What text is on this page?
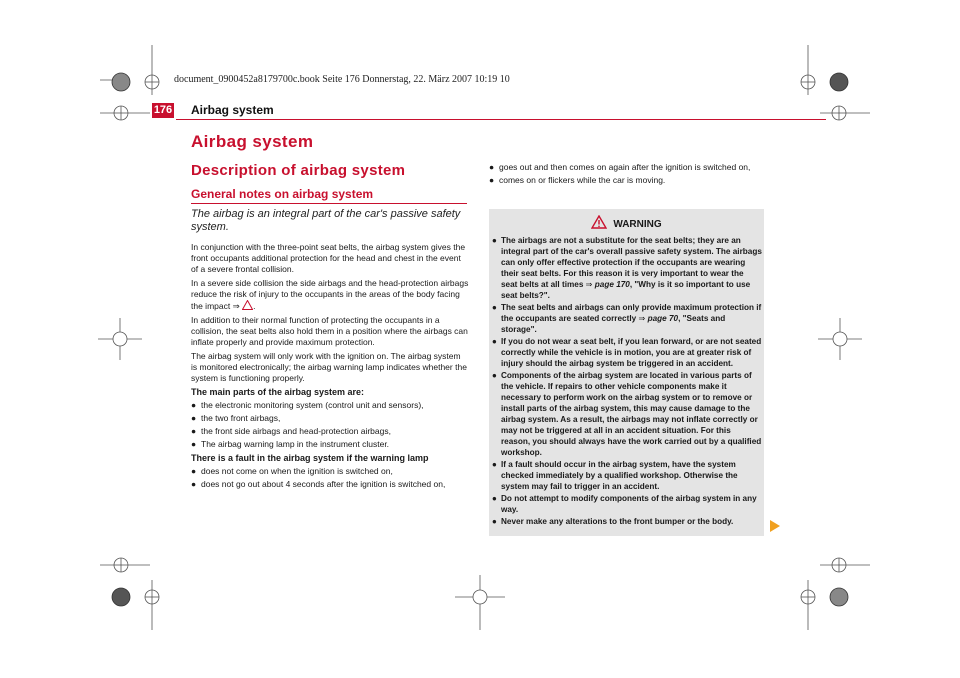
document_0900452a8179700c.book Seite 176 Donnerstag, 22. März 2007 10:19 10
176 Airbag system
Airbag system
Description of airbag system
General notes on airbag system
The airbag is an integral part of the car's passive safety system.

In conjunction with the three-point seat belts, the airbag system gives the front occupants additional protection for the head and chest in the event of a severe frontal collision.

In a severe side collision the side airbags and the head-protection airbags reduce the risk of injury to the occupants in the areas of the body facing the impact ⇒ .

In addition to their normal function of protecting the occupants in a collision, the seat belts also hold them in a position where the airbags can inflate properly and provide maximum protection.

The airbag system will only work with the ignition on. The airbag system is monitored electronically; the airbag warning lamp indicates whether the system is functioning properly.

The main parts of the airbag system are:
● the electronic monitoring system (control unit and sensors),
● the two front airbags,
● the front side airbags and head-protection airbags,
● The airbag warning lamp in the instrument cluster.
There is a fault in the airbag system if the warning lamp
● does not come on when the ignition is switched on,
● does not go out about 4 seconds after the ignition is switched on,
● goes out and then comes on again after the ignition is switched on,
● comes on or flickers while the car is moving.
WARNING
● The airbags are not a substitute for the seat belts; they are an integral part of the car's overall passive safety system. The airbags can only offer effective protection if the occupants are wearing their seat belts. For this reason it is very important to wear the seat belts at all times ⇒ page 170, "Why is it so important to use seat belts?".
● The seat belts and airbags can only provide maximum protection if the occupants are seated correctly ⇒ page 70, "Seats and storage".
● If you do not wear a seat belt, if you lean forward, or are not seated correctly while the vehicle is in motion, you are at greater risk of injury should the airbag system be triggered in an accident.
● Components of the airbag system are located in various parts of the vehicle. If repairs to other vehicle components make it necessary to perform work on the airbag system or to remove or install parts of the airbag system, this may cause damage to the airbag system. As a result, the airbags may not inflate correctly or may not be triggered at all in an accident situation. For this reason, you should always have the work carried out by a qualified workshop.
● If a fault should occur in the airbag system, have the system checked immediately by a qualified workshop. Otherwise the system may fail to trigger in an accident.
● Do not attempt to modify components of the airbag system in any way.
● Never make any alterations to the front bumper or the body.
